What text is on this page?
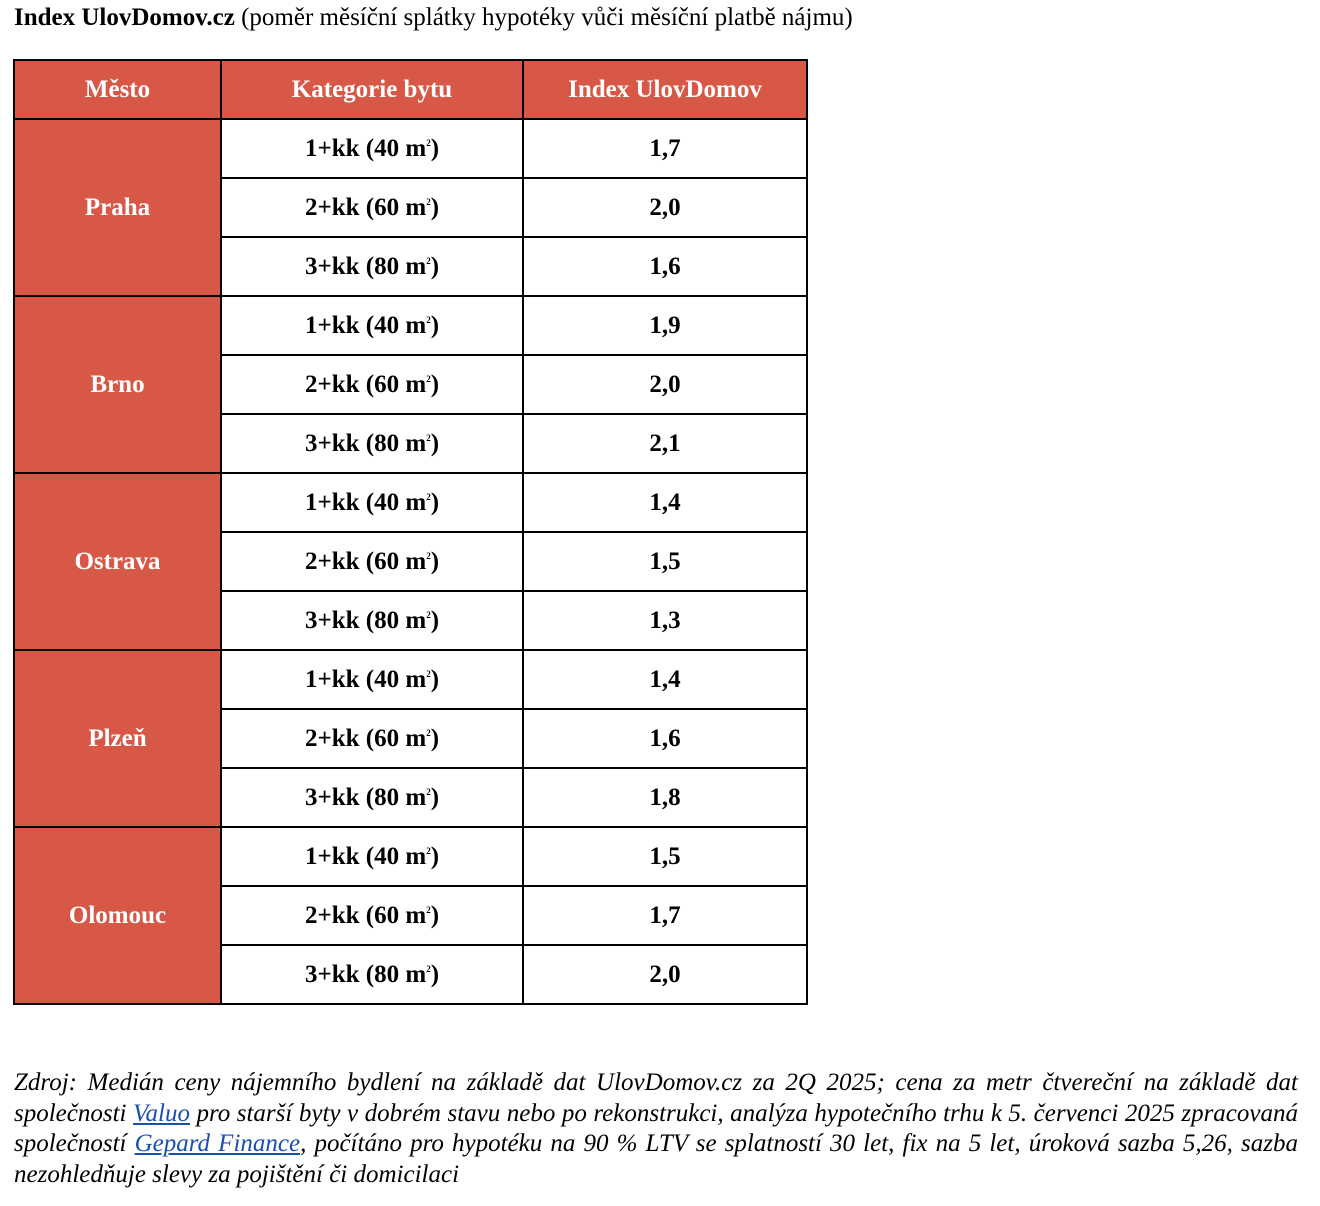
Index UlovDomov.cz (poměr měsíční splátky hypotéky vůči měsíční platbě nájmu)
Město	Kategorie bytu	Index UlovDomov
Praha	1+kk (40 $m^2$)	1,7
	2+kk (60 $m^2$)	2,0
	3+kk (80 $m^2$)	1,6
Brno	1+kk (40 $m^2$)	1,9
	2+kk (60 $m^2$)	2,0
	3+kk (80 $m^2$)	2,1
Ostrava	1+kk (40 $m^2$)	1,4
	2+kk (60 $m^2$)	1,5
	3+kk (80 $m^2$)	1,3
Plzeň	1+kk (40 $m^2$)	1,4
	2+kk (60 $m^2$)	1,6
	3+kk (80 $m^2$)	1,8
Olomouc	1+kk (40 $m^2$)	1,5
	2+kk (60 $m^2$)	1,7
	3+kk (80 $m^2$)	2,0
Zdroj: Medián ceny nájemního bydlení na základě dat UlovDomov.cz za 2Q 2025; cena za metr čtvereční na základě dat společnosti Valuo pro starší byty v dobrém stavu nebo po rekonstrukci, analýza hypotečního trhu k 5. červenci 2025 zpracovaná společností Gepard Finance, počítáno pro hypotéku na 90 % LTV se splatností 30 let, fix na 5 let, úroková sazba 5,26, sazba nezohledňuje slevy za pojištění či domicilaci
